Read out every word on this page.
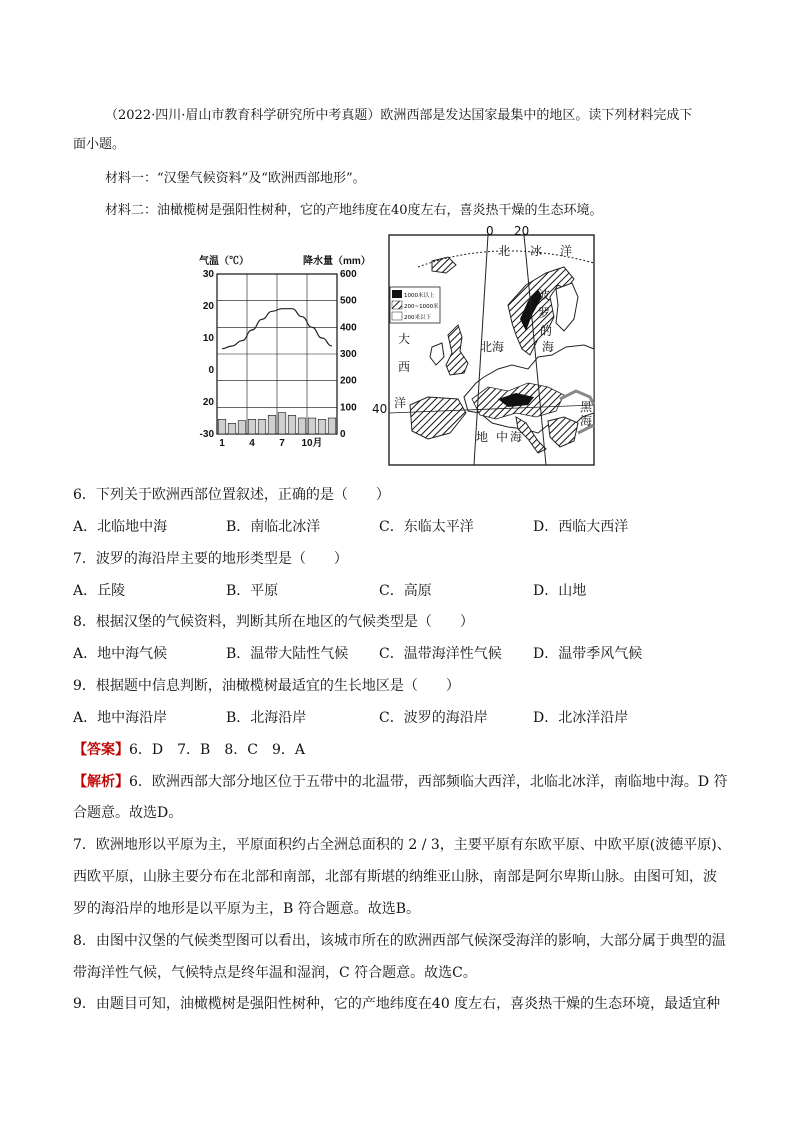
（2022·四川·眉山市教育科学研究所中考真题）欧洲西部是发达国家最集中的地区。读下列材料完成下
面小题。
材料一：“汉堡气候资料”及“欧洲西部地形”。
材料二：油橄榄树是强阳性树种，它的产地纬度在40度左右，喜炎热干燥的生态环境。
气温（℃）	降水量（mm）
30
20
10
0
20
-30
600
500
400
300
200
100
0
1 4 7 10月
1000米以上
200~1000米
200米以下
0 20
北 冰 洋
大
西
洋
40
北 海
波
罗
的
海
地 中 海
黑
海
6．下列关于欧洲西部位置叙述，正确的是（　　）
A．北临地中海	B．南临北冰洋	C．东临太平洋	D．西临大西洋
7．波罗的海沿岸主要的地形类型是（　　）
A．丘陵	B．平原	C．高原	D．山地
8．根据汉堡的气候资料，判断其所在地区的气候类型是（　　）
A．地中海气候	B．温带大陆性气候 C．温带海洋性气候 D．温带季风气候
9．根据题中信息判断，油橄榄树最适宜的生长地区是（　　）
A．地中海沿岸	B．北海沿岸	C．波罗的海沿岸	D．北冰洋沿岸
【答案】6．D　7．B　8．C　9．A
【解析】6．欧洲西部大部分地区位于五带中的北温带，西部频临大西洋，北临北冰洋，南临地中海。D 符
合题意。故选D。
7．欧洲地形以平原为主，平原面积约占全洲总面积的 2 / 3，主要平原有东欧平原、中欧平原(波德平原)、
西欧平原，山脉主要分布在北部和南部，北部有斯堪的纳维亚山脉，南部是阿尔卑斯山脉。由图可知，波
罗的海沿岸的地形是以平原为主，B 符合题意。故选B。
8．由图中汉堡的气候类型图可以看出，该城市所在的欧洲西部气候深受海洋的影响，大部分属于典型的温
带海洋性气候，气候特点是终年温和湿润，C 符合题意。故选C。
9．由题目可知，油橄榄树是强阳性树种，它的产地纬度在40 度左右，喜炎热干燥的生态环境，最适宜种
